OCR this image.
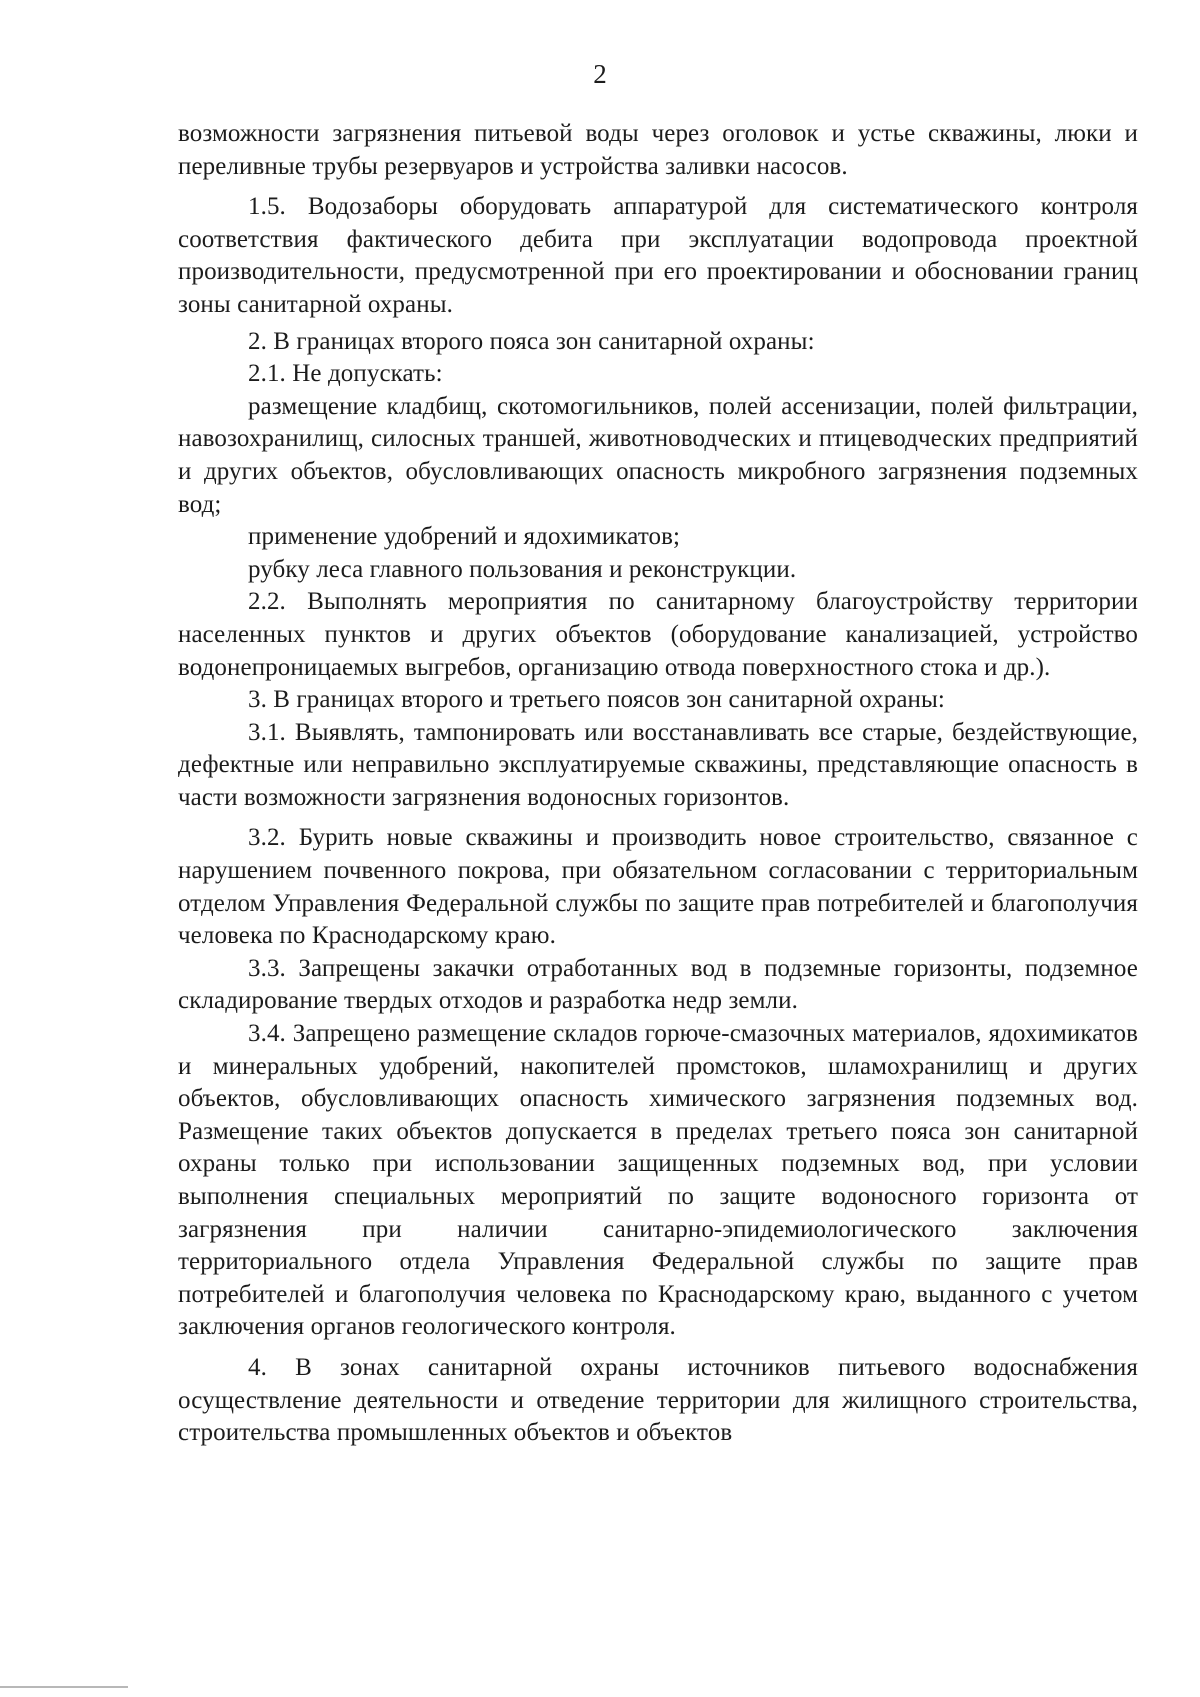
2

возможности загрязнения питьевой воды через оголовок и устье скважины, люки и переливные трубы резервуаров и устройства заливки насосов.

1.5. Водозаборы оборудовать аппаратурой для систематического контроля соответствия фактического дебита при эксплуатации водопровода проектной производительности, предусмотренной при его проектировании и обосновании границ зоны санитарной охраны.

2. В границах второго пояса зон санитарной охраны:

2.1. Не допускать:

размещение кладбищ, скотомогильников, полей ассенизации, полей фильтрации, навозохранилищ, силосных траншей, животноводческих и птицеводческих предприятий и других объектов, обусловливающих опасность микробного загрязнения подземных вод;

применение удобрений и ядохимикатов;

рубку леса главного пользования и реконструкции.

2.2. Выполнять мероприятия по санитарному благоустройству территории населенных пунктов и других объектов (оборудование канализацией, устройство водонепроницаемых выгребов, организацию отвода поверхностного стока и др.).

3. В границах второго и третьего поясов зон санитарной охраны:

3.1. Выявлять, тампонировать или восстанавливать все старые, бездействующие, дефектные или неправильно эксплуатируемые скважины, представляющие опасность в части возможности загрязнения водоносных горизонтов.

3.2. Бурить новые скважины и производить новое строительство, связанное с нарушением почвенного покрова, при обязательном согласовании с территориальным отделом Управления Федеральной службы по защите прав потребителей и благополучия человека по Краснодарскому краю.

3.3. Запрещены закачки отработанных вод в подземные горизонты, подземное складирование твердых отходов и разработка недр земли.

3.4. Запрещено размещение складов горюче-смазочных материалов, ядохимикатов и минеральных удобрений, накопителей промстоков, шламохранилищ и других объектов, обусловливающих опасность химического загрязнения подземных вод. Размещение таких объектов допускается в пределах третьего пояса зон санитарной охраны только при использовании защищенных подземных вод, при условии выполнения специальных мероприятий по защите водоносного горизонта от загрязнения при наличии санитарно-эпидемиологического заключения территориального отдела Управления Федеральной службы по защите прав потребителей и благополучия человека по Краснодарскому краю, выданного с учетом заключения органов геологического контроля.

4. В зонах санитарной охраны источников питьевого водоснабжения осуществление деятельности и отведение территории для жилищного строительства, строительства промышленных объектов и объектов
